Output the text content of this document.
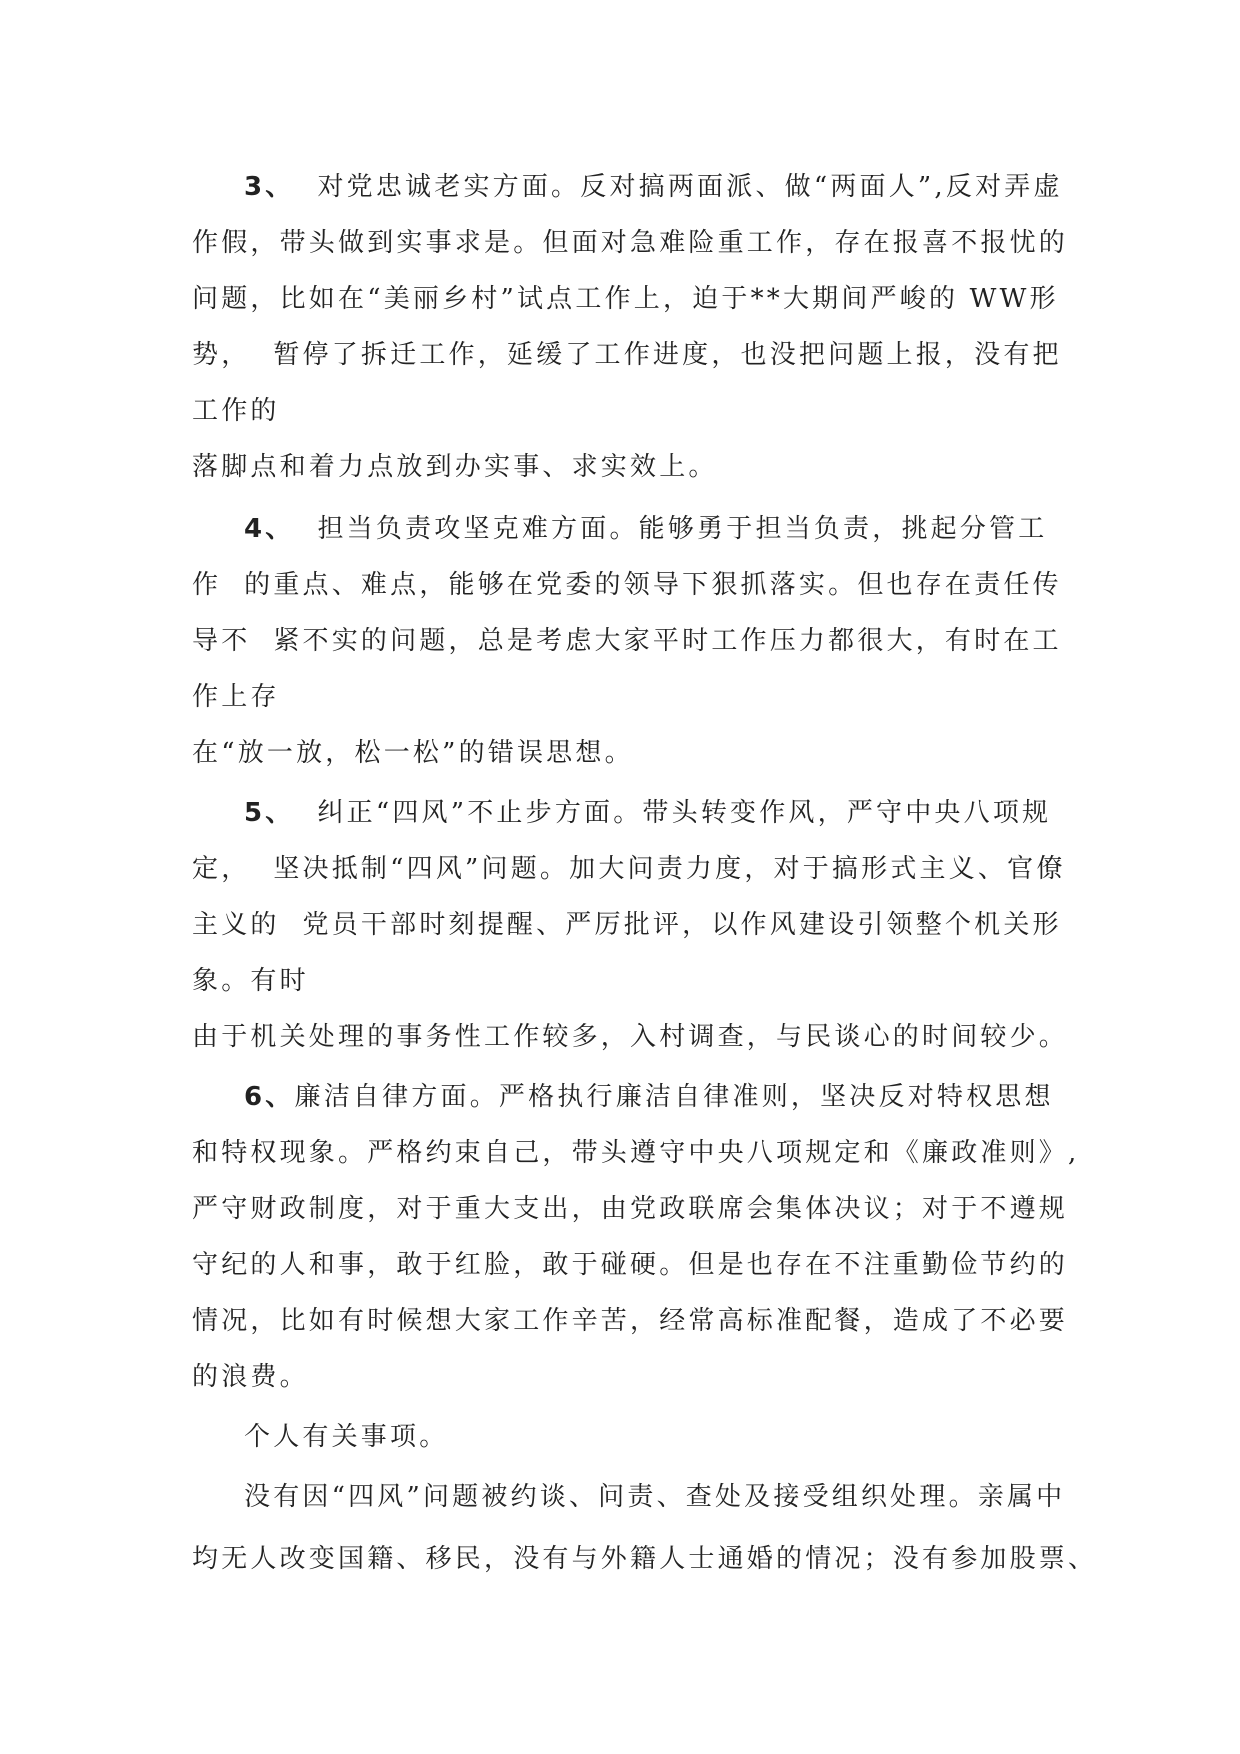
3、 对党忠诚老实方面。反对搞两面派、做“两面人”,反对弄虚
作假，带头做到实事求是。但面对急难险重工作，存在报喜不报忧的
问题，比如在“美丽乡村”试点工作上，迫于**大期间严峻的 WW形
势，  暂停了拆迁工作，延缓了工作进度，也没把问题上报，没有把
工作的
落脚点和着力点放到办实事、求实效上。
4、 担当负责攻坚克难方面。能够勇于担当负责，挑起分管工
作  的重点、难点，能够在党委的领导下狠抓落实。但也存在责任传
导不  紧不实的问题，总是考虑大家平时工作压力都很大，有时在工
作上存
在“放一放，松一松”的错误思想。
5、 纠正“四风”不止步方面。带头转变作风，严守中央八项规
定，  坚决抵制“四风”问题。加大问责力度，对于搞形式主义、官僚
主义的  党员干部时刻提醒、严厉批评，以作风建设引领整个机关形
象。有时
由于机关处理的事务性工作较多，入村调查，与民谈心的时间较少。
6、廉洁自律方面。严格执行廉洁自律准则，坚决反对特权思想
和特权现象。严格约束自己，带头遵守中央八项规定和《廉政准则》,
严守财政制度，对于重大支出，由党政联席会集体决议；对于不遵规
守纪的人和事，敢于红脸，敢于碰硬。但是也存在不注重勤俭节约的
情况，比如有时候想大家工作辛苦，经常高标准配餐，造成了不必要
的浪费。
个人有关事项。
没有因“四风”问题被约谈、问责、查处及接受组织处理。亲属中
均无人改变国籍、移民，没有与外籍人士通婚的情况；没有参加股票、
